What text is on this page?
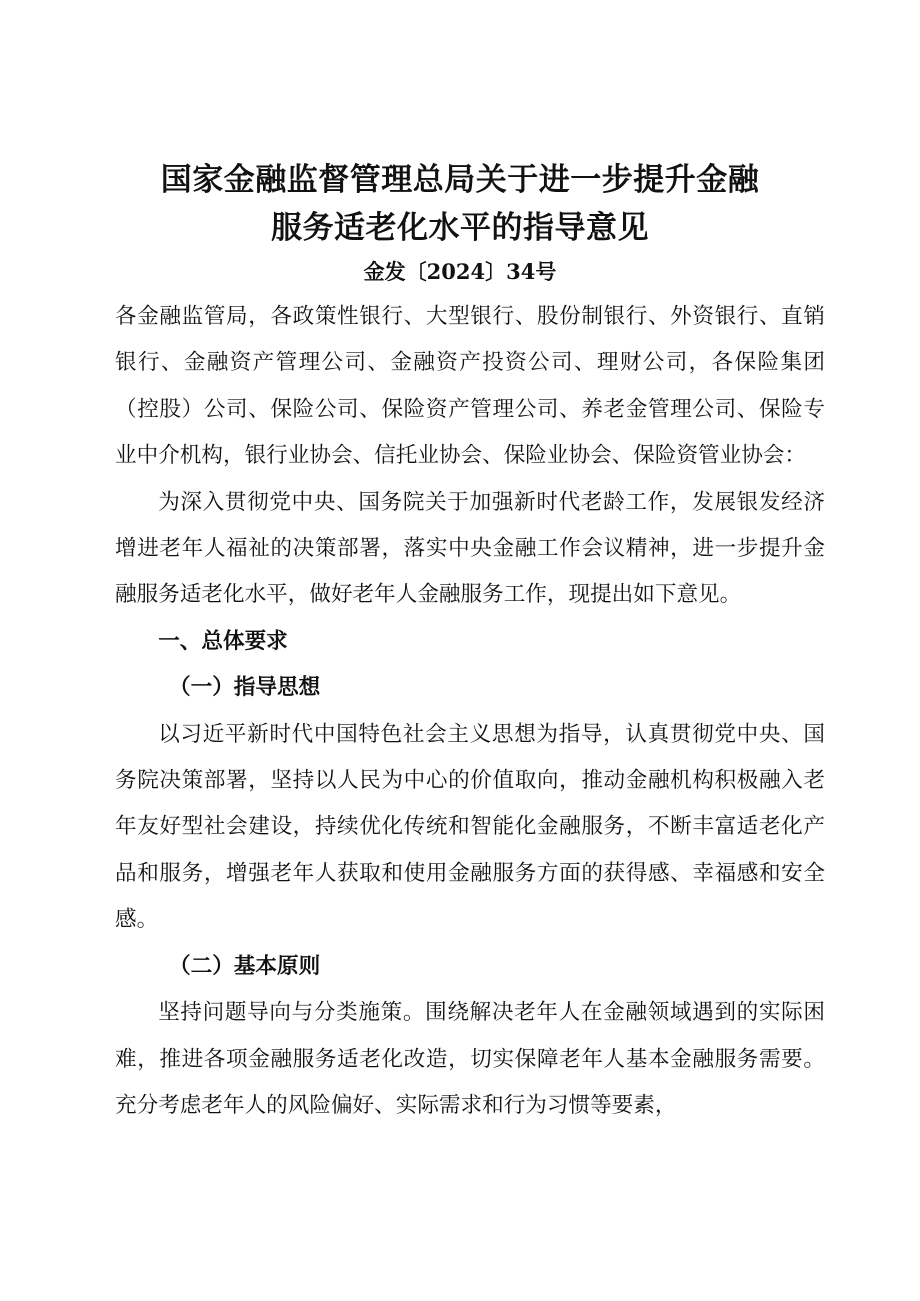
国家金融监督管理总局关于进一步提升金融
服务适老化水平的指导意见
金发〔2024〕34号

各金融监管局，各政策性银行、大型银行、股份制银行、外资银行、直销银行、金融资产管理公司、金融资产投资公司、理财公司，各保险集团（控股）公司、保险公司、保险资产管理公司、养老金管理公司、保险专业中介机构，银行业协会、信托业协会、保险业协会、保险资管业协会：

为深入贯彻党中央、国务院关于加强新时代老龄工作，发展银发经济增进老年人福祉的决策部署，落实中央金融工作会议精神，进一步提升金融服务适老化水平，做好老年人金融服务工作，现提出如下意见。

一、总体要求

（一）指导思想

以习近平新时代中国特色社会主义思想为指导，认真贯彻党中央、国务院决策部署，坚持以人民为中心的价值取向，推动金融机构积极融入老年友好型社会建设，持续优化传统和智能化金融服务，不断丰富适老化产品和服务，增强老年人获取和使用金融服务方面的获得感、幸福感和安全感。

（二）基本原则

坚持问题导向与分类施策。围绕解决老年人在金融领域遇到的实际困难，推进各项金融服务适老化改造，切实保障老年人基本金融服务需要。充分考虑老年人的风险偏好、实际需求和行为习惯等要素，
